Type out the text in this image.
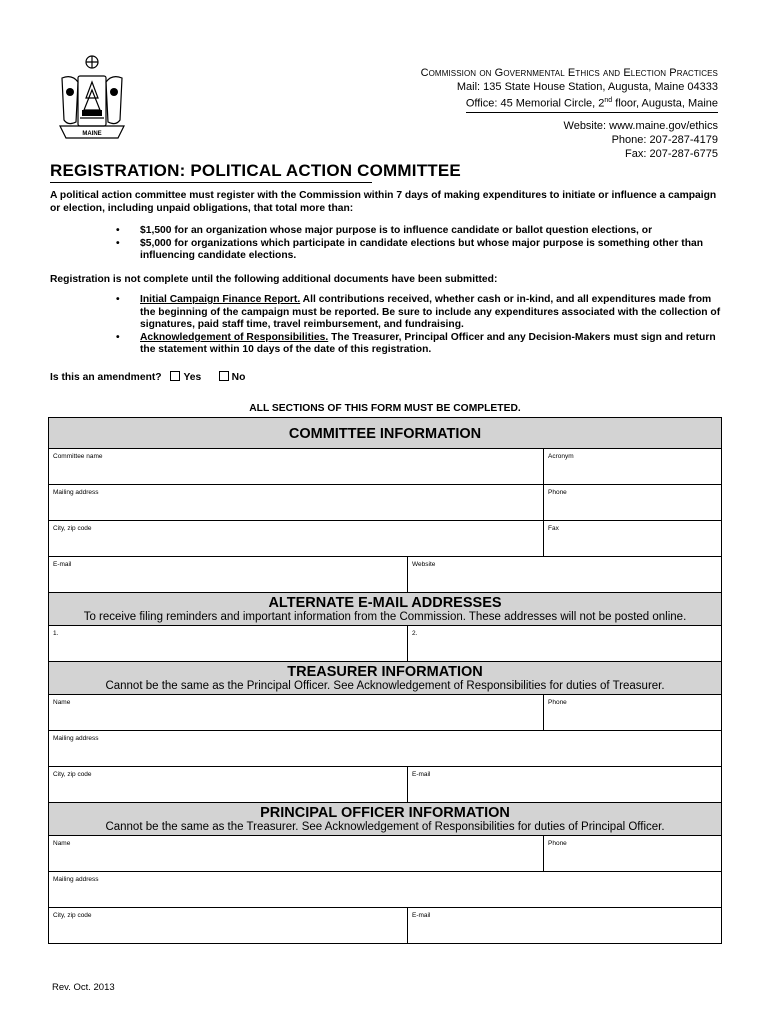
MAINE
Commission on Governmental Ethics and Election Practices
Mail: 135 State House Station, Augusta, Maine 04333
Office: 45 Memorial Circle, 2nd floor, Augusta, Maine
Website: www.maine.gov/ethics
Phone: 207-287-4179
Fax: 207-287-6775
REGISTRATION: POLITICAL ACTION COMMITTEE
A political action committee must register with the Commission within 7 days of making expenditures to initiate or influence a campaign or election, including unpaid obligations, that total more than:
• $1,500 for an organization whose major purpose is to influence candidate or ballot question elections, or
• $5,000 for organizations which participate in candidate elections but whose major purpose is something other than influencing candidate elections.
Registration is not complete until the following additional documents have been submitted:
• Initial Campaign Finance Report. All contributions received, whether cash or in-kind, and all expenditures made from the beginning of the campaign must be reported. Be sure to include any expenditures associated with the collection of signatures, paid staff time, travel reimbursement, and fundraising.
• Acknowledgement of Responsibilities. The Treasurer, Principal Officer and any Decision-Makers must sign and return the statement within 10 days of the date of this registration.
Is this an amendment? Yes	No
ALL SECTIONS OF THIS FORM MUST BE COMPLETED.
COMMITTEE INFORMATION
Committee name	Acronym
Mailing address	Phone
City, zip code	Fax
E-mail	Website
ALTERNATE E-MAIL ADDRESSES
To receive filing reminders and important information from the Commission. These addresses will not be posted online.
1.	2.
TREASURER INFORMATION
Cannot be the same as the Principal Officer. See Acknowledgement of Responsibilities for duties of Treasurer.
Name	Phone
Mailing address
City, zip code	E-mail
PRINCIPAL OFFICER INFORMATION
Cannot be the same as the Treasurer. See Acknowledgement of Responsibilities for duties of Principal Officer.
Name	Phone
Mailing address
City, zip code	E-mail
Rev. Oct. 2013
